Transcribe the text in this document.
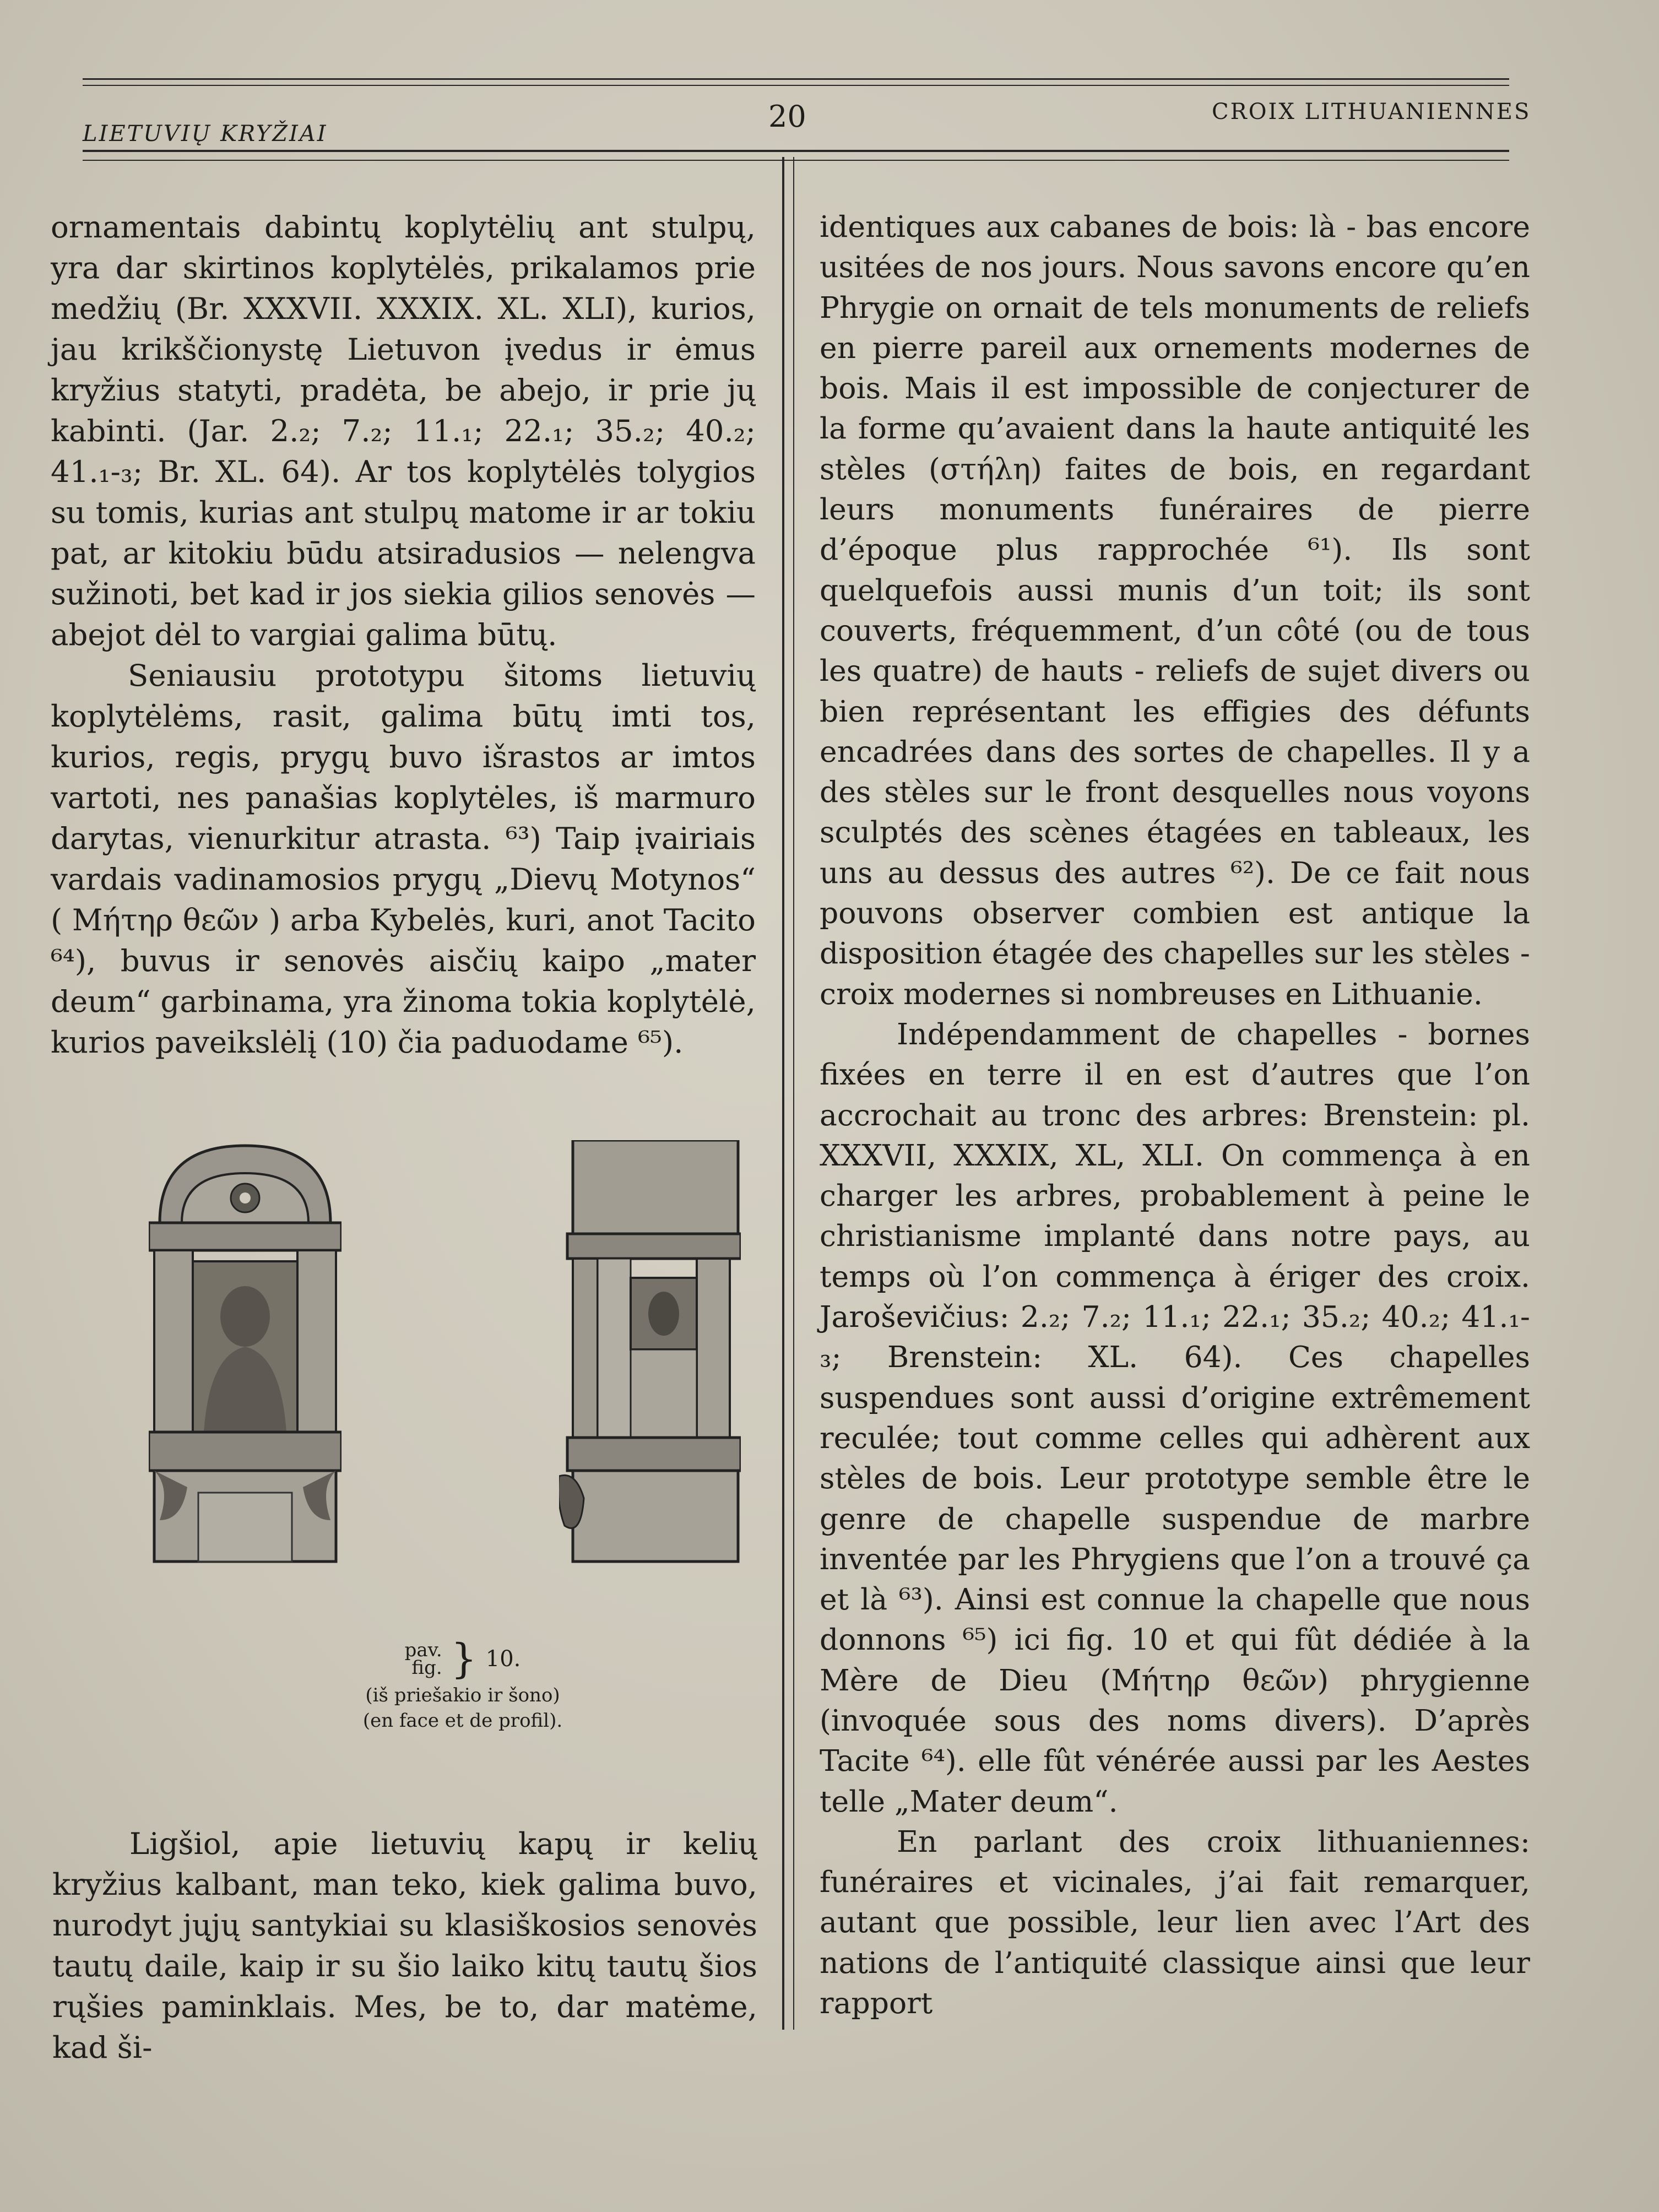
LIETUVIŲ KRYŽIAI	20	CROIX LITHUANIENNES

ornamentais dabintų koplytėlių ant stulpų, yra dar skirtinos koplytėlės, prikalamos prie medžių (Br. XXXVII. XXXIX. XL. XLI), kurios, jau krikščionystę Lietuvon įvedus ir ėmus kryžius statyti, pradėta, be abejo, ir prie jų kabinti. (Jar. 2.₂; 7.₂; 11.₁; 22.₁; 35.₂; 40.₂; 41.₁-₃; Br. XL. 64). Ar tos koplytėlės tolygios su tomis, kurias ant stulpų matome ir ar tokiu pat, ar kitokiu būdu atsiradusios — nelengva sužinoti, bet kad ir jos siekia gilios senovės — abejot dėl to vargiai galima būtų.

Seniausiu prototypu šitoms lietuvių koplytėlėms, rasit, galima būtų imti tos, kurios, regis, prygų buvo išrastos ar imtos vartoti, nes panašias koplytėles, iš marmuro darytas, vienurkitur atrasta. ⁶³) Taip įvairiais vardais vadinamosios prygų „Dievų Motynos“ ( Μήτηρ θεῶν ) arba Kybelės, kuri, anot Tacito ⁶⁴), buvus ir senovės aisčių kaipo „mater deum“ garbinama, yra žinoma tokia koplytėlė, kurios paveikslėlį (10) čia paduodame ⁶⁵).

pav.
fig. } 10.
(iš priešakio ir šono)
(en face et de profil).

Ligšiol, apie lietuvių kapų ir kelių kryžius kalbant, man teko, kiek galima buvo, nurodyt jųjų santykiai su klasiškosios senovės tautų daile, kaip ir su šio laiko kitų tautų šios rųšies paminklais. Mes, be to, dar matėme, kad ši-

identiques aux cabanes de bois: là - bas encore usitées de nos jours. Nous savons encore qu’en Phrygie on ornait de tels monuments de reliefs en pierre pareil aux ornements modernes de bois. Mais il est impossible de conjecturer de la forme qu’avaient dans la haute antiquité les stèles (στήλη) faites de bois, en regardant leurs monuments funéraires de pierre d’époque plus rapprochée ⁶¹). Ils sont quelquefois aussi munis d’un toit; ils sont couverts, fréquemment, d’un côté (ou de tous les quatre) de hauts - reliefs de sujet divers ou bien représentant les effigies des défunts encadrées dans des sortes de chapelles. Il y a des stèles sur le front desquelles nous voyons sculptés des scènes étagées en tableaux, les uns au dessus des autres ⁶²). De ce fait nous pouvons observer combien est antique la disposition étagée des chapelles sur les stèles - croix modernes si nombreuses en Lithuanie.

Indépendamment de chapelles - bornes fixées en terre il en est d’autres que l’on accrochait au tronc des arbres: Brenstein: pl. XXXVII, XXXIX, XL, XLI. On commença à en charger les arbres, probablement à peine le christianisme implanté dans notre pays, au temps où l’on commença à ériger des croix. Jaroševičius: 2.₂; 7.₂; 11.₁; 22.₁; 35.₂; 40.₂; 41.₁-₃; Brenstein: XL. 64). Ces chapelles suspendues sont aussi d’origine extrêmement reculée; tout comme celles qui adhèrent aux stèles de bois. Leur prototype semble être le genre de chapelle suspendue de marbre inventée par les Phrygiens que l’on a trouvé ça et là ⁶³). Ainsi est connue la chapelle que nous donnons ⁶⁵) ici fig. 10 et qui fût dédiée à la Mère de Dieu (Μήτηρ θεῶν) phrygienne (invoquée sous des noms divers). D’après Tacite ⁶⁴). elle fût vénérée aussi par les Aestes telle „Mater deum“.

En parlant des croix lithuaniennes: funéraires et vicinales, j’ai fait remarquer, autant que possible, leur lien avec l’Art des nations de l’antiquité classique ainsi que leur rapport
